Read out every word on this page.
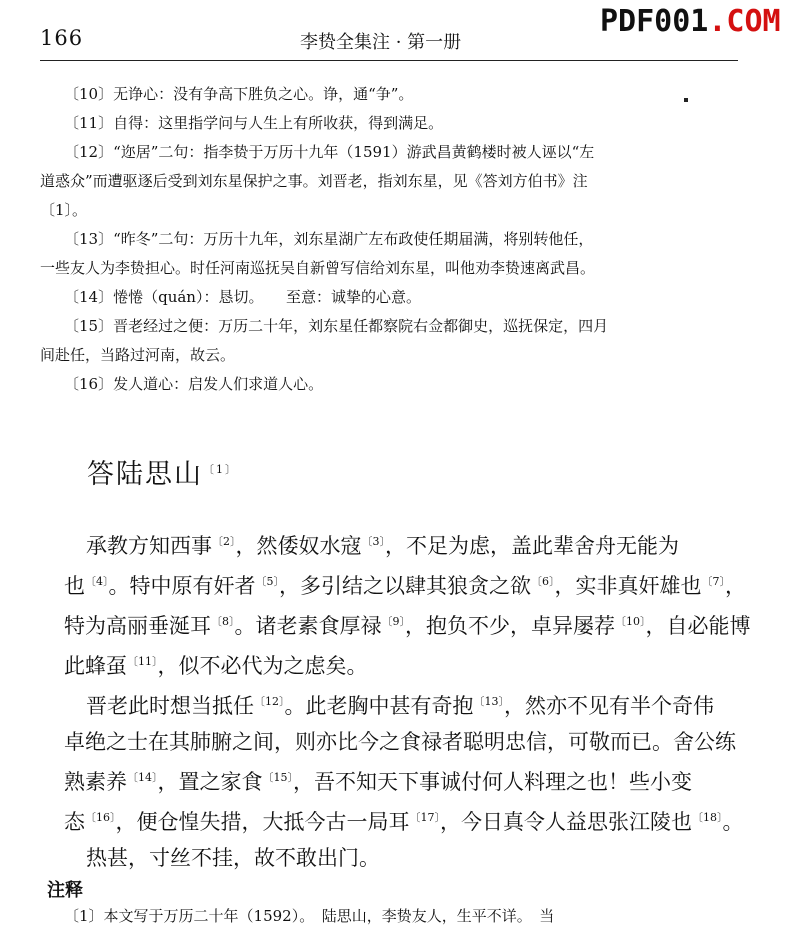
166	李贽全集注 · 第一册
PDF001.COM
〔10〕无诤心：没有争高下胜负之心。诤，通“争”。
〔11〕自得：这里指学问与人生上有所收获，得到满足。
〔12〕“迩居”二句：指李贽于万历十九年（1591）游武昌黄鹤楼时被人诬以“左
道惑众”而遭驱逐后受到刘东星保护之事。刘晋老，指刘东星，见《答刘方伯书》注
〔1〕。
〔13〕“昨冬”二句：万历十九年，刘东星湖广左布政使任期届满，将别转他任，
一些友人为李贽担心。时任河南巡抚吴自新曾写信给刘东星，叫他劝李贽速离武昌。
〔14〕惓惓（quán）：恳切。　　至意：诚挚的心意。
〔15〕晋老经过之便：万历二十年，刘东星任都察院右佥都御史，巡抚保定，四月
间赴任，当路过河南，故云。
〔16〕发人道心：启发人们求道人心。
答陆思山$^{〔1〕}$
承教方知西事$^{〔2〕}$，然倭奴水寇$^{〔3〕}$，不足为虑，盖此辈舍舟无能为
也$^{〔4〕}$。特中原有奸者$^{〔5〕}$，多引结之以肆其狼贪之欲$^{〔6〕}$，实非真奸雄也$^{〔7〕}$，
特为高丽垂涎耳$^{〔8〕}$。诸老素食厚禄$^{〔9〕}$，抱负不少，卓异屡荐$^{〔10〕}$，自必能博
此蜂虿$^{〔11〕}$，似不必代为之虑矣。
晋老此时想当抵任$^{〔12〕}$。此老胸中甚有奇抱$^{〔13〕}$，然亦不见有半个奇伟
卓绝之士在其肺腑之间，则亦比今之食禄者聪明忠信，可敬而已。舍公练
熟素养$^{〔14〕}$，置之家食$^{〔15〕}$，吾不知天下事诚付何人料理之也！些小变
态$^{〔16〕}$，便仓惶失措，大抵今古一局耳$^{〔17〕}$，今日真令人益思张江陵也$^{〔18〕}$。
热甚，寸丝不挂，故不敢出门。
注释
〔1〕本文写于万历二十年（1592）。　陆思山，李贽友人，生平不详。　当
